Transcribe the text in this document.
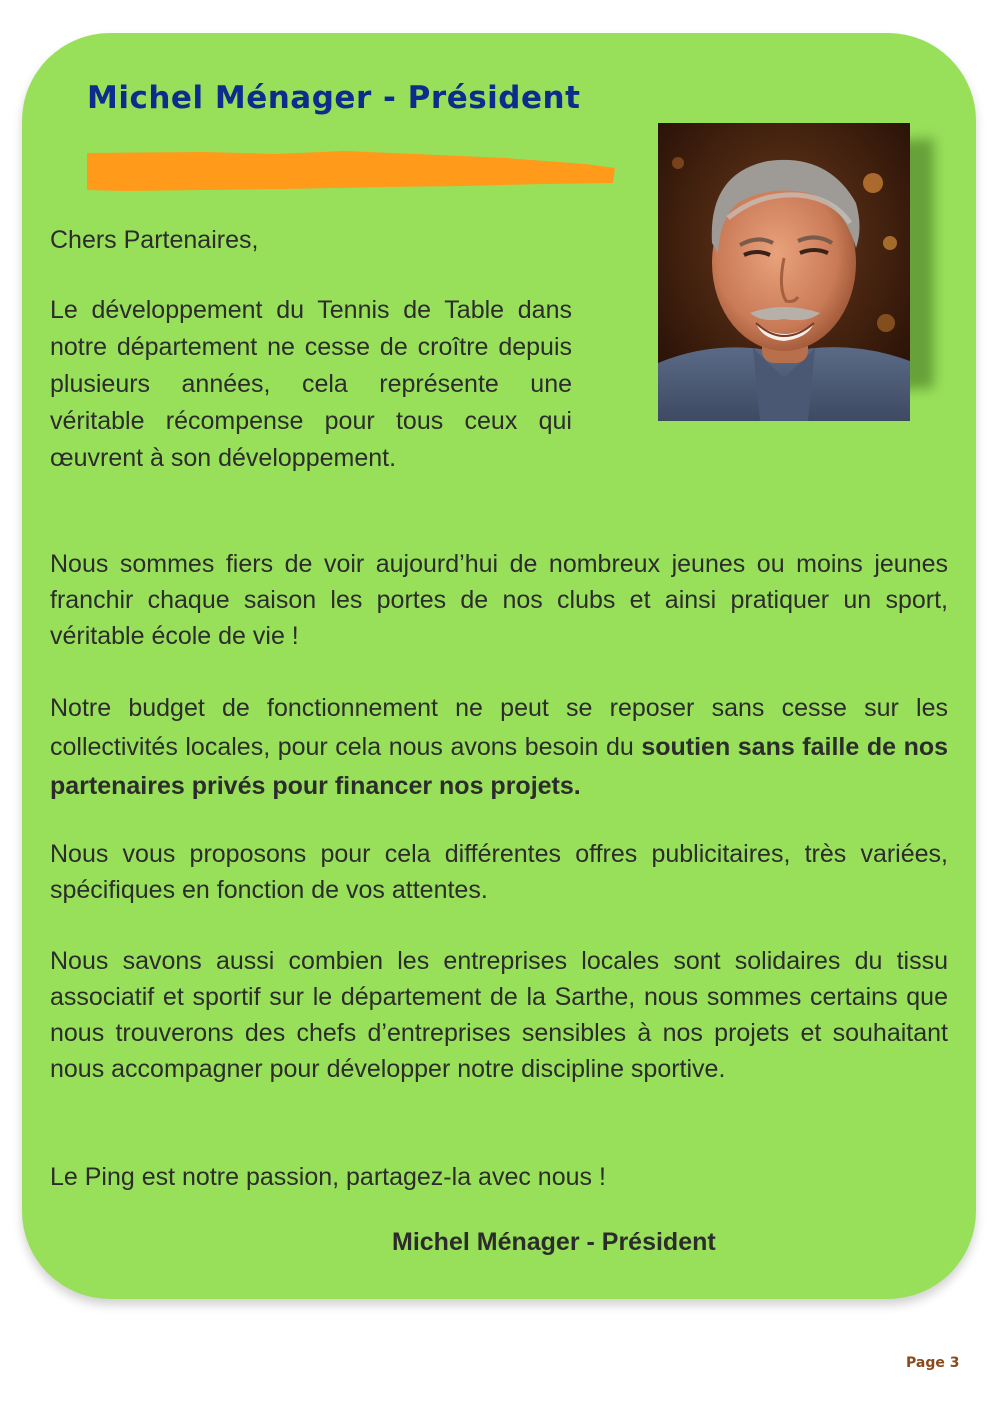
Michel Ménager - Président

Chers Partenaires,

Le développement du Tennis de Table dans notre département ne cesse de croître depuis plusieurs années, cela représente une véritable récompense pour tous ceux qui œuvrent à son développement.

Nous sommes fiers de voir aujourd’hui de nombreux jeunes ou moins jeunes franchir chaque saison les portes de nos clubs et ainsi pratiquer un sport, véritable école de vie !

Notre budget de fonctionnement ne peut se reposer sans cesse sur les collectivités locales, pour cela nous avons besoin du soutien sans faille de nos partenaires privés pour financer nos projets.

Nous vous proposons pour cela différentes offres publicitaires, très variées, spécifiques en fonction de vos attentes.

Nous savons aussi combien les entreprises locales sont solidaires du tissu associatif et sportif sur le département de la Sarthe, nous sommes certains que nous trouverons des chefs d’entreprises sensibles à nos projets et souhaitant nous accompagner pour développer notre discipline sportive.

Le Ping est notre passion, partagez-la avec nous !

Michel Ménager - Président

Page 3
